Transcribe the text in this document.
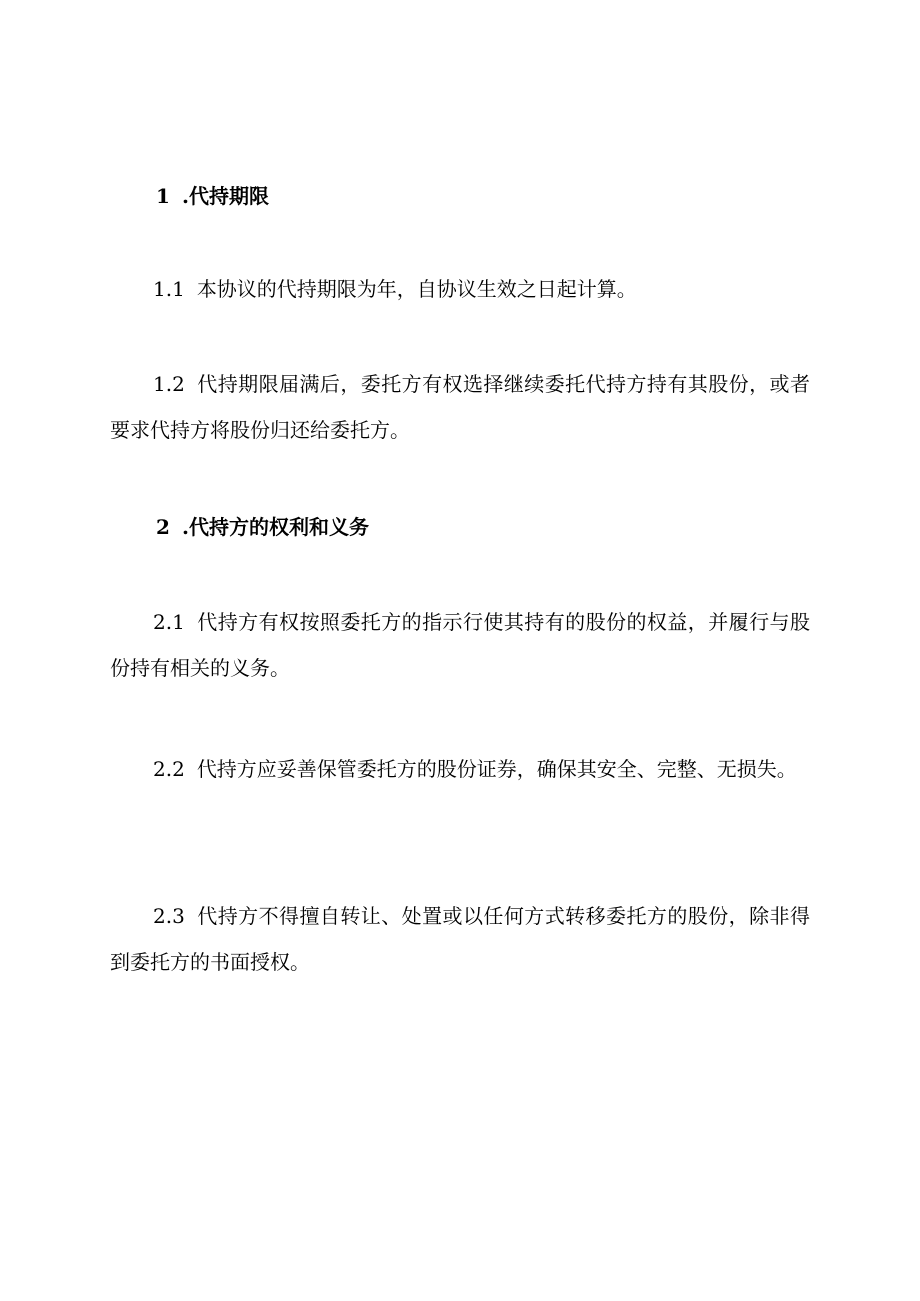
1 .代持期限
1.1 本协议的代持期限为年，自协议生效之日起计算。
1.2 代持期限届满后，委托方有权选择继续委托代持方持有其股份，或者要求代持方将股份归还给委托方。
2 .代持方的权利和义务
2.1 代持方有权按照委托方的指示行使其持有的股份的权益，并履行与股份持有相关的义务。
2.2 代持方应妥善保管委托方的股份证券，确保其安全、完整、无损失。
2.3 代持方不得擅自转让、处置或以任何方式转移委托方的股份，除非得到委托方的书面授权。
